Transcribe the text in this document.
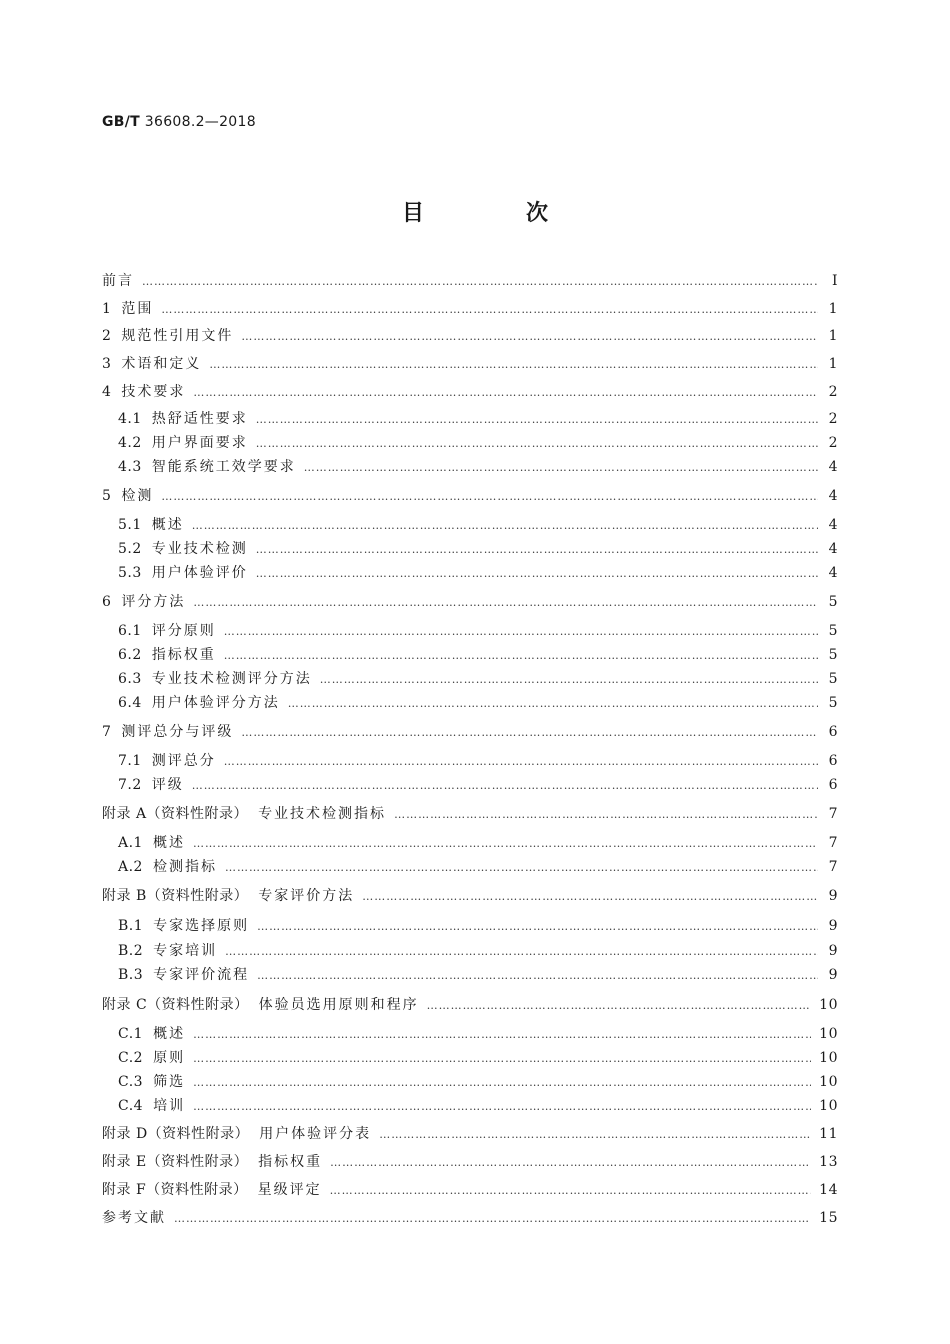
GB/T 36608.2—2018
目　次
前言 ……………………………………………………………………………………………………………………………………………………………………………………………………………………………………	Ⅰ
1 范围 ……………………………………………………………………………………………………………………………………………………………………………………………………………………………………	1
2 规范性引用文件 ……………………………………………………………………………………………………………………………………………………………………………………………………………………………………	1
3 术语和定义 ……………………………………………………………………………………………………………………………………………………………………………………………………………………………………	1
4 技术要求 ……………………………………………………………………………………………………………………………………………………………………………………………………………………………………	2
4.1 热舒适性要求 ……………………………………………………………………………………………………………………………………………………………………………………………………………………………………	2
4.2 用户界面要求 ……………………………………………………………………………………………………………………………………………………………………………………………………………………………………	2
4.3 智能系统工效学要求 ……………………………………………………………………………………………………………………………………………………………………………………………………………………………………	4
5 检测 ……………………………………………………………………………………………………………………………………………………………………………………………………………………………………	4
5.1 概述 ……………………………………………………………………………………………………………………………………………………………………………………………………………………………………	4
5.2 专业技术检测 ……………………………………………………………………………………………………………………………………………………………………………………………………………………………………	4
5.3 用户体验评价 ……………………………………………………………………………………………………………………………………………………………………………………………………………………………………	4
6 评分方法 ……………………………………………………………………………………………………………………………………………………………………………………………………………………………………	5
6.1 评分原则 ……………………………………………………………………………………………………………………………………………………………………………………………………………………………………	5
6.2 指标权重 ……………………………………………………………………………………………………………………………………………………………………………………………………………………………………	5
6.3 专业技术检测评分方法 ……………………………………………………………………………………………………………………………………………………………………………………………………………………………………	5
6.4 用户体验评分方法 ……………………………………………………………………………………………………………………………………………………………………………………………………………………………………	5
7 测评总分与评级 ……………………………………………………………………………………………………………………………………………………………………………………………………………………………………	6
7.1 测评总分 ……………………………………………………………………………………………………………………………………………………………………………………………………………………………………	6
7.2 评级 ……………………………………………………………………………………………………………………………………………………………………………………………………………………………………	6
附录 A（资料性附录） 专业技术检测指标 ……………………………………………………………………………………………………………………………………………………………………………………………………………………………………	7
A.1 概述 ……………………………………………………………………………………………………………………………………………………………………………………………………………………………………	7
A.2 检测指标 ……………………………………………………………………………………………………………………………………………………………………………………………………………………………………	7
附录 B（资料性附录） 专家评价方法 ……………………………………………………………………………………………………………………………………………………………………………………………………………………………………	9
B.1 专家选择原则 ……………………………………………………………………………………………………………………………………………………………………………………………………………………………………	9
B.2 专家培训 ……………………………………………………………………………………………………………………………………………………………………………………………………………………………………	9
B.3 专家评价流程 ……………………………………………………………………………………………………………………………………………………………………………………………………………………………………	9
附录 C（资料性附录） 体验员选用原则和程序 ……………………………………………………………………………………………………………………………………………………………………………………………………………………………………	10
C.1 概述 ……………………………………………………………………………………………………………………………………………………………………………………………………………………………………	10
C.2 原则 ……………………………………………………………………………………………………………………………………………………………………………………………………………………………………	10
C.3 筛选 ……………………………………………………………………………………………………………………………………………………………………………………………………………………………………	10
C.4 培训 ……………………………………………………………………………………………………………………………………………………………………………………………………………………………………	10
附录 D（资料性附录） 用户体验评分表 ……………………………………………………………………………………………………………………………………………………………………………………………………………………………………	11
附录 E（资料性附录） 指标权重 ……………………………………………………………………………………………………………………………………………………………………………………………………………………………………	13
附录 F（资料性附录） 星级评定 ……………………………………………………………………………………………………………………………………………………………………………………………………………………………………	14
参考文献 ……………………………………………………………………………………………………………………………………………………………………………………………………………………………………	15
